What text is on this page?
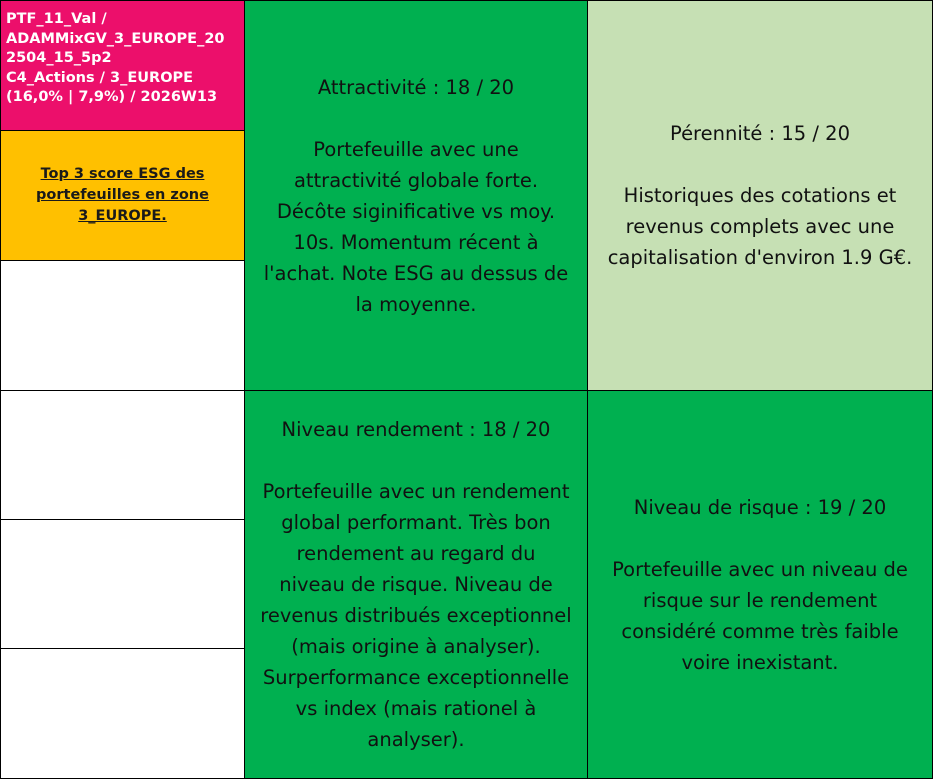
PTF_11_Val /
ADAMMixGV_3_EUROPE_20
2504_15_5p2
C4_Actions / 3_EUROPE
(16,0% | 7,9%) / 2026W13
Top 3 score ESG des
portefeuilles en zone
3_EUROPE.
Attractivité : 18 / 20
Portefeuille avec une
attractivité globale forte.
Décôte siginificative vs moy.
10s. Momentum récent à
l'achat. Note ESG au dessus de
la moyenne.
Pérennité : 15 / 20
Historiques des cotations et
revenus complets avec une
capitalisation d'environ 1.9 G€.
Niveau rendement : 18 / 20
Portefeuille avec un rendement
global performant. Très bon
rendement au regard du
niveau de risque. Niveau de
revenus distribués exceptionnel
(mais origine à analyser).
Surperformance exceptionnelle
vs index (mais rationel à
analyser).
Niveau de risque : 19 / 20
Portefeuille avec un niveau de
risque sur le rendement
considéré comme très faible
voire inexistant.
